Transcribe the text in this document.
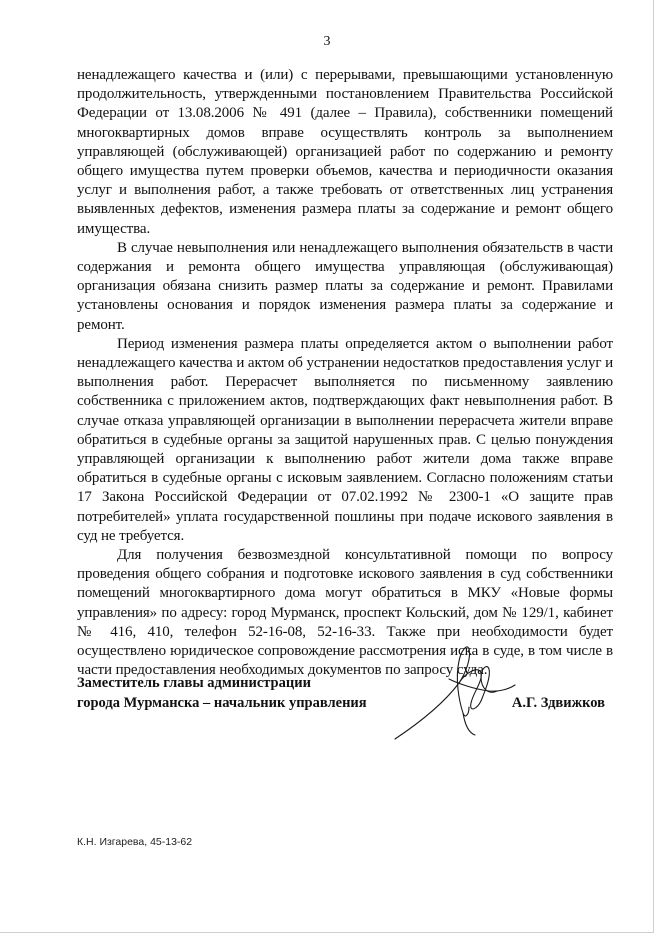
3

ненадлежащего качества и (или) с перерывами, превышающими установленную продолжительность, утвержденными постановлением Правительства Российской Федерации от 13.08.2006 № 491 (далее – Правила), собственники помещений многоквартирных домов вправе осуществлять контроль за выполнением управляющей (обслуживающей) организацией работ по содержанию и ремонту общего имущества путем проверки объемов, качества и периодичности оказания услуг и выполнения работ, а также требовать от ответственных лиц устранения выявленных дефектов, изменения размера платы за содержание и ремонт общего имущества.

В случае невыполнения или ненадлежащего выполнения обязательств в части содержания и ремонта общего имущества управляющая (обслуживающая) организация обязана снизить размер платы за содержание и ремонт. Правилами установлены основания и порядок изменения размера платы за содержание и ремонт.

Период изменения размера платы определяется актом о выполнении работ ненадлежащего качества и актом об устранении недостатков предоставления услуг и выполнения работ. Перерасчет выполняется по письменному заявлению собственника с приложением актов, подтверждающих факт невыполнения работ. В случае отказа управляющей организации в выполнении перерасчета жители вправе обратиться в судебные органы за защитой нарушенных прав. С целью понуждения управляющей организации к выполнению работ жители дома также вправе обратиться в судебные органы с исковым заявлением. Согласно положениям статьи 17 Закона Российской Федерации от 07.02.1992 № 2300-1 «О защите прав потребителей» уплата государственной пошлины при подаче искового заявления в суд не требуется.

Для получения безвозмездной консультативной помощи по вопросу проведения общего собрания и подготовке искового заявления в суд собственники помещений многоквартирного дома могут обратиться в МКУ «Новые формы управления» по адресу: город Мурманск, проспект Кольский, дом № 129/1, кабинет № 416, 410, телефон 52-16-08, 52-16-33. Также при необходимости будет осуществлено юридическое сопровождение рассмотрения иска в суде, в том числе в части предоставления необходимых документов по запросу суда.

Заместитель главы администрации
города Мурманска – начальник управления	А.Г. Здвижков
К.Н. Изгарева, 45-13-62
